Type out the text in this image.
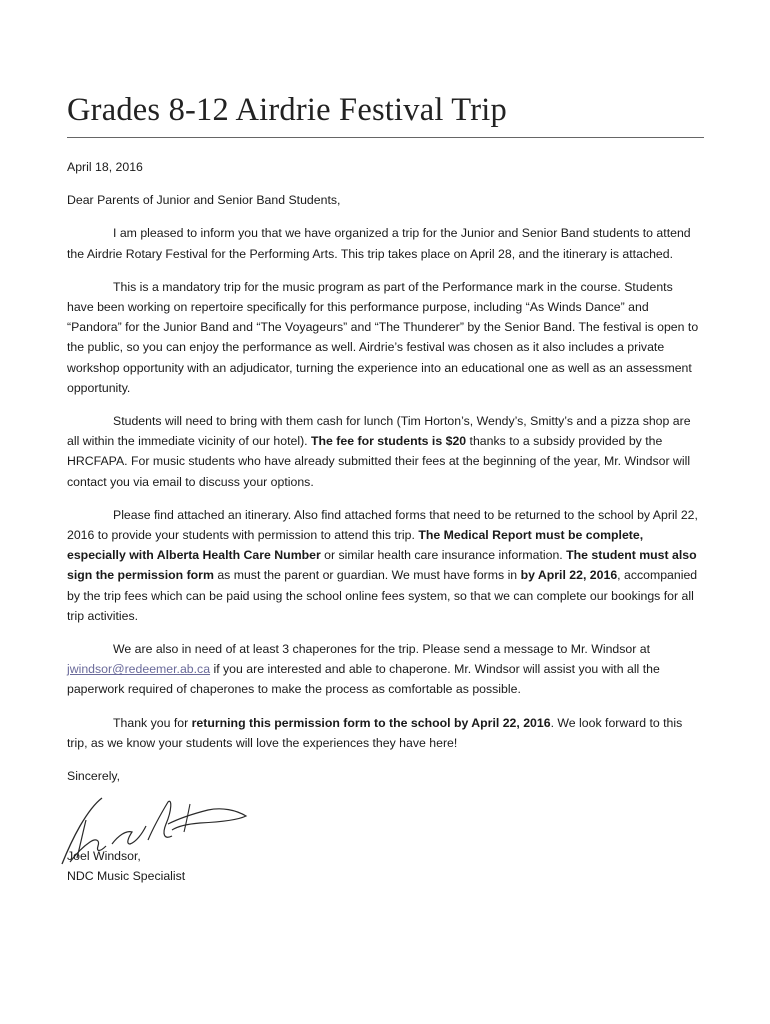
Grades 8-12 Airdrie Festival Trip

April 18, 2016

Dear Parents of Junior and Senior Band Students,

I am pleased to inform you that we have organized a trip for the Junior and Senior Band students to attend the Airdrie Rotary Festival for the Performing Arts. This trip takes place on April 28, and the itinerary is attached.

This is a mandatory trip for the music program as part of the Performance mark in the course. Students have been working on repertoire specifically for this performance purpose, including “As Winds Dance” and “Pandora” for the Junior Band and “The Voyageurs” and “The Thunderer” by the Senior Band. The festival is open to the public, so you can enjoy the performance as well. Airdrie’s festival was chosen as it also includes a private workshop opportunity with an adjudicator, turning the experience into an educational one as well as an assessment opportunity.

Students will need to bring with them cash for lunch (Tim Horton’s, Wendy’s, Smitty’s and a pizza shop are all within the immediate vicinity of our hotel). The fee for students is $20 thanks to a subsidy provided by the HRCFAPA. For music students who have already submitted their fees at the beginning of the year, Mr. Windsor will contact you via email to discuss your options.

Please find attached an itinerary. Also find attached forms that need to be returned to the school by April 22, 2016 to provide your students with permission to attend this trip. The Medical Report must be complete, especially with Alberta Health Care Number or similar health care insurance information. The student must also sign the permission form as must the parent or guardian. We must have forms in by April 22, 2016, accompanied by the trip fees which can be paid using the school online fees system, so that we can complete our bookings for all trip activities.

We are also in need of at least 3 chaperones for the trip. Please send a message to Mr. Windsor at jwindsor@redeemer.ab.ca if you are interested and able to chaperone. Mr. Windsor will assist you with all the paperwork required of chaperones to make the process as comfortable as possible.

Thank you for returning this permission form to the school by April 22, 2016. We look forward to this trip, as we know your students will love the experiences they have here!

Sincerely,

Joel Windsor,
NDC Music Specialist
